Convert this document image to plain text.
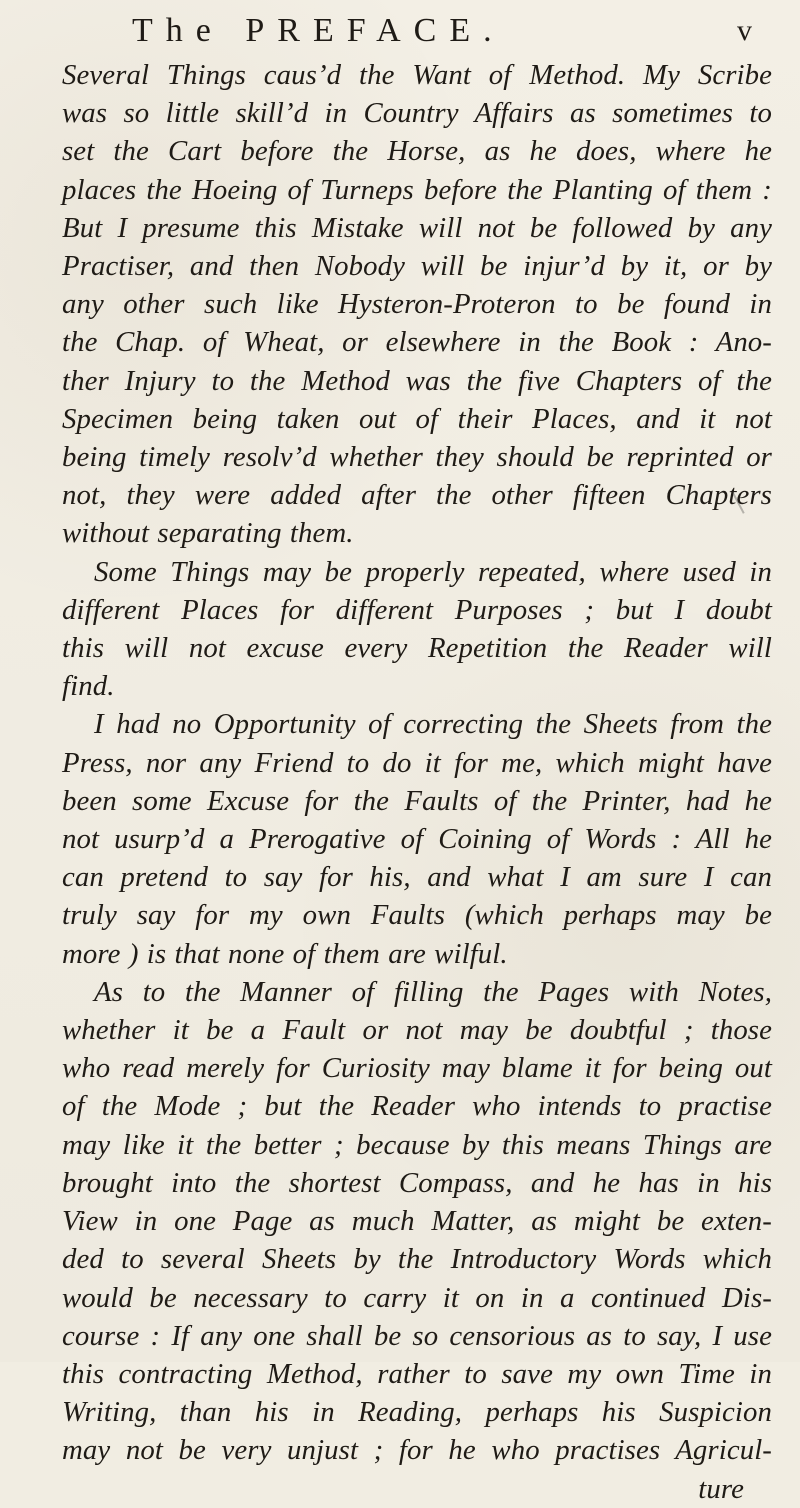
The PREFACE.	v
Several Things caus’d the Want of Method. My Scribe
was so little skill’d in Country Affairs as sometimes to
set the Cart before the Horse, as he does, where he
places the Hoeing of Turneps before the Planting of them :
But I presume this Mistake will not be followed by any
Practiser, and then Nobody will be injur’d by it, or by
any other such like Hysteron-Proteron to be found in
the Chap. of Wheat, or elsewhere in the Book : Ano-
ther Injury to the Method was the five Chapters of the
Specimen being taken out of their Places, and it not
being timely resolv’d whether they should be reprinted or
not, they were added after the other fifteen Chapters
without separating them.
Some Things may be properly repeated, where used in
different Places for different Purposes ; but I doubt
this will not excuse every Repetition the Reader will
find.
I had no Opportunity of correcting the Sheets from the
Press, nor any Friend to do it for me, which might have
been some Excuse for the Faults of the Printer, had he
not usurp’d a Prerogative of Coining of Words : All he
can pretend to say for his, and what I am sure I can
truly say for my own Faults (which perhaps may be
more ) is that none of them are wilful.
As to the Manner of filling the Pages with Notes,
whether it be a Fault or not may be doubtful ; those
who read merely for Curiosity may blame it for being out
of the Mode ; but the Reader who intends to practise
may like it the better ; because by this means Things are
brought into the shortest Compass, and he has in his
View in one Page as much Matter, as might be exten-
ded to several Sheets by the Introductory Words which
would be necessary to carry it on in a continued Dis-
course : If any one shall be so censorious as to say, I use
this contracting Method, rather to save my own Time in
Writing, than his in Reading, perhaps his Suspicion
may not be very unjust ; for he who practises Agricul-
ture
